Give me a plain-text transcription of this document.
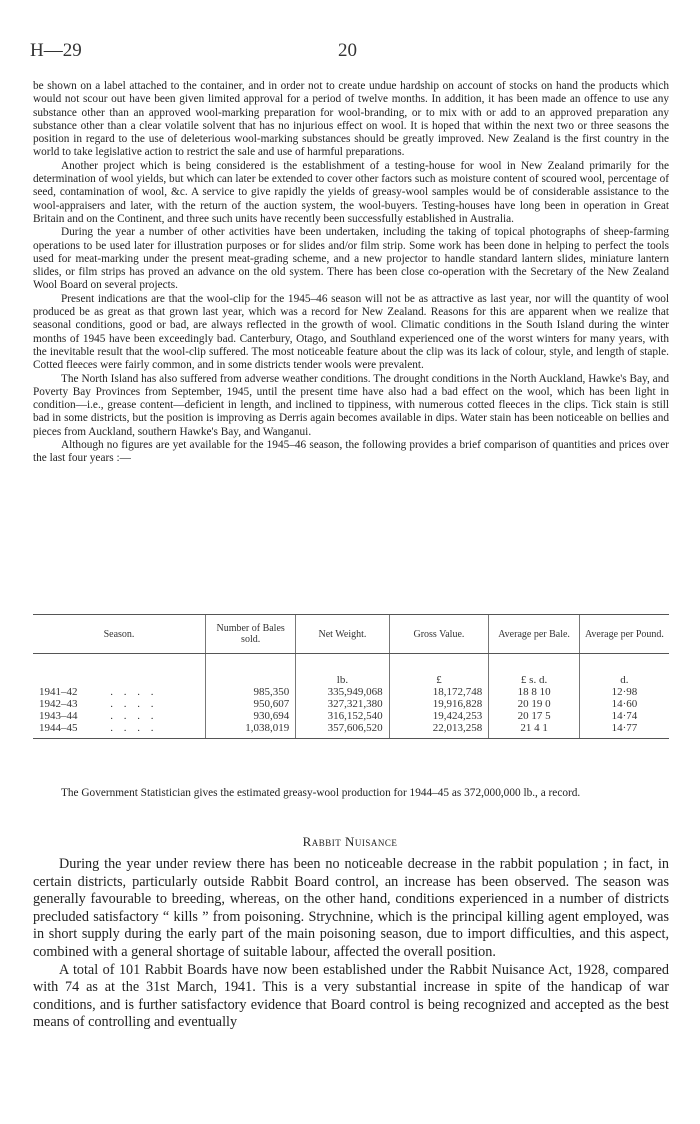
H—29	20

be shown on a label attached to the container, and in order not to create undue hardship on account of stocks on hand the products which would not scour out have been given limited approval for a period of twelve months. In addition, it has been made an offence to use any substance other than an approved wool-marking preparation for wool-branding, or to mix with or add to an approved preparation any substance other than a clear volatile solvent that has no injurious effect on wool. It is hoped that within the next two or three seasons the position in regard to the use of deleterious wool-marking substances should be greatly improved. New Zealand is the first country in the world to take legislative action to restrict the sale and use of harmful preparations.

Another project which is being considered is the establishment of a testing-house for wool in New Zealand primarily for the determination of wool yields, but which can later be extended to cover other factors such as moisture content of scoured wool, percentage of seed, contamination of wool, &c. A service to give rapidly the yields of greasy-wool samples would be of considerable assistance to the wool-appraisers and later, with the return of the auction system, the wool-buyers. Testing-houses have long been in operation in Great Britain and on the Continent, and three such units have recently been successfully established in Australia.

During the year a number of other activities have been undertaken, including the taking of topical photographs of sheep-farming operations to be used later for illustration purposes or for slides and/or film strip. Some work has been done in helping to perfect the tools used for meat-marking under the present meat-grading scheme, and a new projector to handle standard lantern slides, miniature lantern slides, or film strips has proved an advance on the old system. There has been close co-operation with the Secretary of the New Zealand Wool Board on several projects.

Present indications are that the wool-clip for the 1945–46 season will not be as attractive as last year, nor will the quantity of wool produced be as great as that grown last year, which was a record for New Zealand. Reasons for this are apparent when we realize that seasonal conditions, good or bad, are always reflected in the growth of wool. Climatic conditions in the South Island during the winter months of 1945 have been exceedingly bad. Canterbury, Otago, and Southland experienced one of the worst winters for many years, with the inevitable result that the wool-clip suffered. The most noticeable feature about the clip was its lack of colour, style, and length of staple. Cotted fleeces were fairly common, and in some districts tender wools were prevalent.

The North Island has also suffered from adverse weather conditions. The drought conditions in the North Auckland, Hawke's Bay, and Poverty Bay Provinces from September, 1945, until the present time have also had a bad effect on the wool, which has been light in condition—i.e., grease content—deficient in length, and inclined to tippiness, with numerous cotted fleeces in the clips. Tick stain is still bad in some districts, but the position is improving as Derris again becomes available in dips. Water stain has been noticeable on bellies and pieces from Auckland, southern Hawke's Bay, and Wanganui.

Although no figures are yet available for the 1945–46 season, the following provides a brief comparison of quantities and prices over the last four years :—

Season.	Number of Bales sold.	Net Weight.	Gross Value.	Average per Bale.	Average per Pound.
		lb.	£	£ s. d.	d.
1941–42 . . . .	985,350	335,949,068	18,172,748	18 8 10	12·98
1942–43 . . . .	950,607	327,321,380	19,916,828	20 19 0	14·60
1943–44 . . . .	930,694	316,152,540	19,424,253	20 17 5	14·74
1944–45 . . . .	1,038,019	357,606,520	22,013,258	21 4 1	14·77

The Government Statistician gives the estimated greasy-wool production for 1944–45 as 372,000,000 lb., a record.

Rabbit Nuisance

During the year under review there has been no noticeable decrease in the rabbit population ; in fact, in certain districts, particularly outside Rabbit Board control, an increase has been observed. The season was generally favourable to breeding, whereas, on the other hand, conditions experienced in a number of districts precluded satisfactory “ kills ” from poisoning. Strychnine, which is the principal killing agent employed, was in short supply during the early part of the main poisoning season, due to import difficulties, and this aspect, combined with a general shortage of suitable labour, affected the overall position.

A total of 101 Rabbit Boards have now been established under the Rabbit Nuisance Act, 1928, compared with 74 as at the 31st March, 1941. This is a very substantial increase in spite of the handicap of war conditions, and is further satisfactory evidence that Board control is being recognized and accepted as the best means of controlling and eventually
